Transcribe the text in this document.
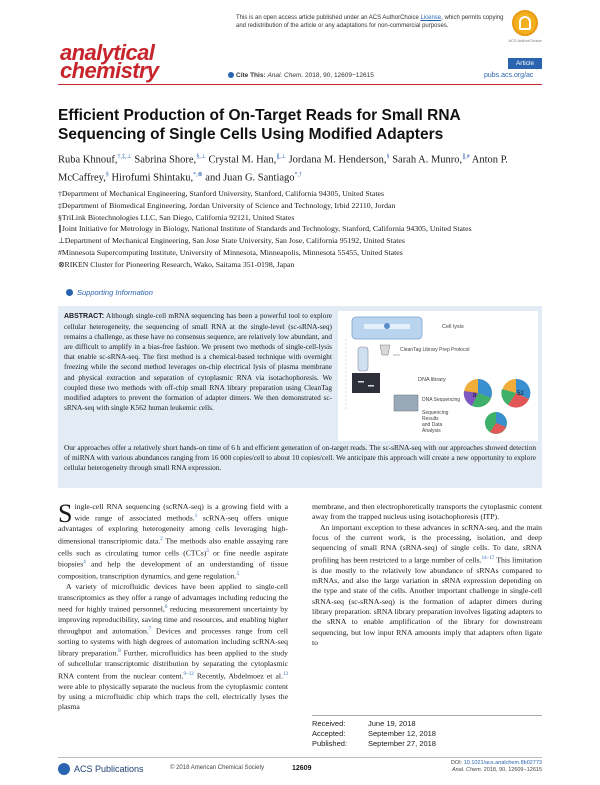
This is an open access article published under an ACS AuthorChoice License, which permits copying and redistribution of the article or any adaptations for non-commercial purposes.
ACS AuthorChoice
analytical
chemistry	Article
Cite This: Anal. Chem. 2018, 90, 12609−12615	pubs.acs.org/ac
Efficient Production of On-Target Reads for Small RNA Sequencing of Single Cells Using Modified Adapters
Ruba Khnouf,†,‡,⊥ Sabrina Shore,§,⊥ Crystal M. Han,∥,⊥ Jordana M. Henderson,§ Sarah A. Munro,∥,# Anton P. McCaffrey,§ Hirofumi Shintaku,*,⊗ and Juan G. Santiago*,†
†Department of Mechanical Engineering, Stanford University, Stanford, California 94305, United States
‡Department of Biomedical Engineering, Jordan University of Science and Technology, Irbid 22110, Jordan
§TriLink Biotechnologies LLC, San Diego, California 92121, United States
∥Joint Initiative for Metrology in Biology, National Institute of Standards and Technology, Stanford, California 94305, United States
⊥Department of Mechanical Engineering, San Jose State University, San Jose, California 95192, United States
#Minnesota Supercomputing Institute, University of Minnesota, Minneapolis, Minnesota 55455, United States
⊗RIKEN Cluster for Pioneering Research, Wako, Saitama 351-0198, Japan
Supporting Information
ABSTRACT: Although single-cell mRNA sequencing has been a powerful tool to explore cellular heterogeneity, the sequencing of small RNA at the single-level (sc-sRNA-seq) remains a challenge, as these have no consensus sequence, are relatively low abundant, and are difficult to amplify in a bias-free fashion. We present two methods of single-cell-lysis that enable sc-sRNA-seq. The first method is a chemical-based technique with overnight freezing while the second method leverages on-chip electrical lysis of plasma membrane and physical extraction and separation of cytoplasmic RNA via isotachophoresis. We coupled these two methods with off-chip small RNA library preparation using CleanTag modified adapters to prevent the formation of adapter dimers. We then demonstrated sc-sRNA-seq with single K562 human leukemic cells.
Our approaches offer a relatively short hands-on time of 6 h and efficient generation of on-target reads. The sc-sRNA-seq with our approaches showed detection of miRNA with various abundances ranging from 16 000 copies/cell to about 10 copies/cell. We anticipate this approach will create a new opportunity to explore cellular heterogeneity through small RNA expression.
Cell lysis
CleanTag Library Prep Protocol
DNA library
DNA Sequencing
Sequencing
Results
and Data
Analysis
8	52

Single-cell RNA sequencing (scRNA-seq) is a growing field with a wide range of associated methods.$^1$ scRNA-seq offers unique advantages of exploring heterogeneity among cells leveraging high-dimensional transcriptomic data.$^2$ The methods also enable assaying rare cells such as circulating tumor cells (CTCs)$^3$ or fine needle aspirate biopsies$^4$ and help the development of an understanding of tissue composition, transcription dynamics, and gene regulation.$^5$

A variety of microfluidic devices have been applied to single-cell transcriptomics as they offer a range of advantages including reducing the need for highly trained personnel,$^6$ reducing measurement uncertainty by improving reproducibility, saving time and resources, and enabling higher throughput and automation.$^7$ Devices and processes range from cell sorting to systems with high degrees of automation including scRNA-seq library preparation.$^8$ Further, microfluidics has been applied to the study of subcellular transcriptomic distribution by separating the cytoplasmic RNA content from the nuclear content.$^{9-12}$ Recently, Abdelmoez et al.$^{13}$ were able to physically separate the nucleus from the cytoplasmic content by using a microfluidic chip which traps the cell, electrically lyses the plasma

membrane, and then electrophoretically transports the cytoplasmic content away from the trapped nucleus using isotachophoresis (ITP).

An important exception to these advances in scRNA-seq, and the main focus of the current work, is the processing, isolation, and deep sequencing of small RNA (sRNA-seq) of single cells. To date, sRNA profiling has been restricted to a large number of cells.$^{14-17}$ This limitation is due mostly to the relatively low abundance of sRNAs compared to mRNAs, and also the large variation in sRNA expression depending on the type and state of the cells. Another important challenge in single-cell sRNA-seq (sc-sRNA-seq) is the formation of adapter dimers during library preparation. sRNA library preparation involves ligating adapters to the sRNA to enable amplification of the library for downstream sequencing, but low input RNA amounts imply that adapters often ligate to

Received:	June 19, 2018
Accepted:	September 12, 2018
Published:	September 27, 2018
ACS Publications	© 2018 American Chemical Society	12609
DOI: 10.1021/acs.analchem.8b02773
Anal. Chem. 2018, 90, 12609−12615
